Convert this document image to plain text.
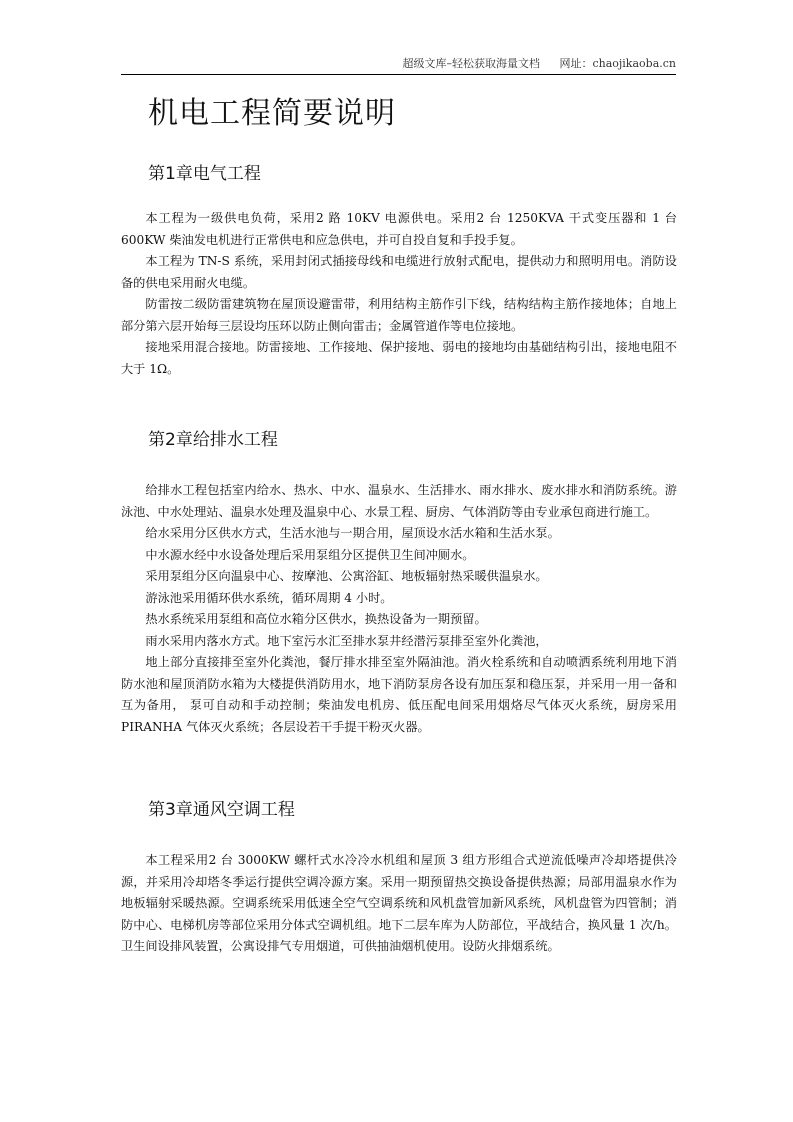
超级文库–轻松获取海量文档 网址：chaojikaoba.cn
机电工程简要说明
第1章电气工程

本工程为一级供电负荷，采用2 路 10KV 电源供电。采用2 台 1250KVA 干式变压器和 1 台 600KW 柴油发电机进行正常供电和应急供电，并可自投自复和手投手复。

本工程为 TN-S 系统，采用封闭式插接母线和电缆进行放射式配电，提供动力和照明用电。消防设备的供电采用耐火电缆。

防雷按二级防雷建筑物在屋顶设避雷带，利用结构主筋作引下线，结构结构主筋作接地体；自地上部分第六层开始每三层设均压环以防止侧向雷击；金属管道作等电位接地。

接地采用混合接地。防雷接地、工作接地、保护接地、弱电的接地均由基础结构引出，接地电阻不大于 1Ω。

第2章给排水工程

给排水工程包括室内给水、热水、中水、温泉水、生活排水、雨水排水、废水排水和消防系统。游泳池、中水处理站、温泉水处理及温泉中心、水景工程、厨房、气体消防等由专业承包商进行施工。

给水采用分区供水方式，生活水池与一期合用，屋顶设水活水箱和生活水泵。

中水源水经中水设备处理后采用泵组分区提供卫生间冲厕水。

采用泵组分区向温泉中心、按摩池、公寓浴缸、地板辐射热采暖供温泉水。

游泳池采用循环供水系统，循环周期 4 小时。

热水系统采用泵组和高位水箱分区供水，换热设备为一期预留。

雨水采用内落水方式。地下室污水汇至排水泵井经潜污泵排至室外化粪池，

地上部分直接排至室外化粪池，餐厅排水排至室外隔油池。消火栓系统和自动喷洒系统利用地下消防水池和屋顶消防水箱为大楼提供消防用水，地下消防泵房各设有加压泵和稳压泵，并采用一用一备和互为备用， 泵可自动和手动控制；柴油发电机房、低压配电间采用烟烙尽气体灭火系统，厨房采用 PIRANHA 气体灭火系统；各层设若干手提干粉灭火器。

第3章通风空调工程

本工程采用2 台 3000KW 螺杆式水冷冷水机组和屋顶 3 组方形组合式逆流低噪声冷却塔提供冷源，并采用冷却塔冬季运行提供空调冷源方案。采用一期预留热交换设备提供热源；局部用温泉水作为地板辐射采暖热源。空调系统采用低速全空气空调系统和风机盘管加新风系统，风机盘管为四管制；消防中心、电梯机房等部位采用分体式空调机组。地下二层车库为人防部位，平战结合，换风量 1 次/h。卫生间设排风装置，公寓设排气专用烟道，可供抽油烟机使用。设防火排烟系统。
